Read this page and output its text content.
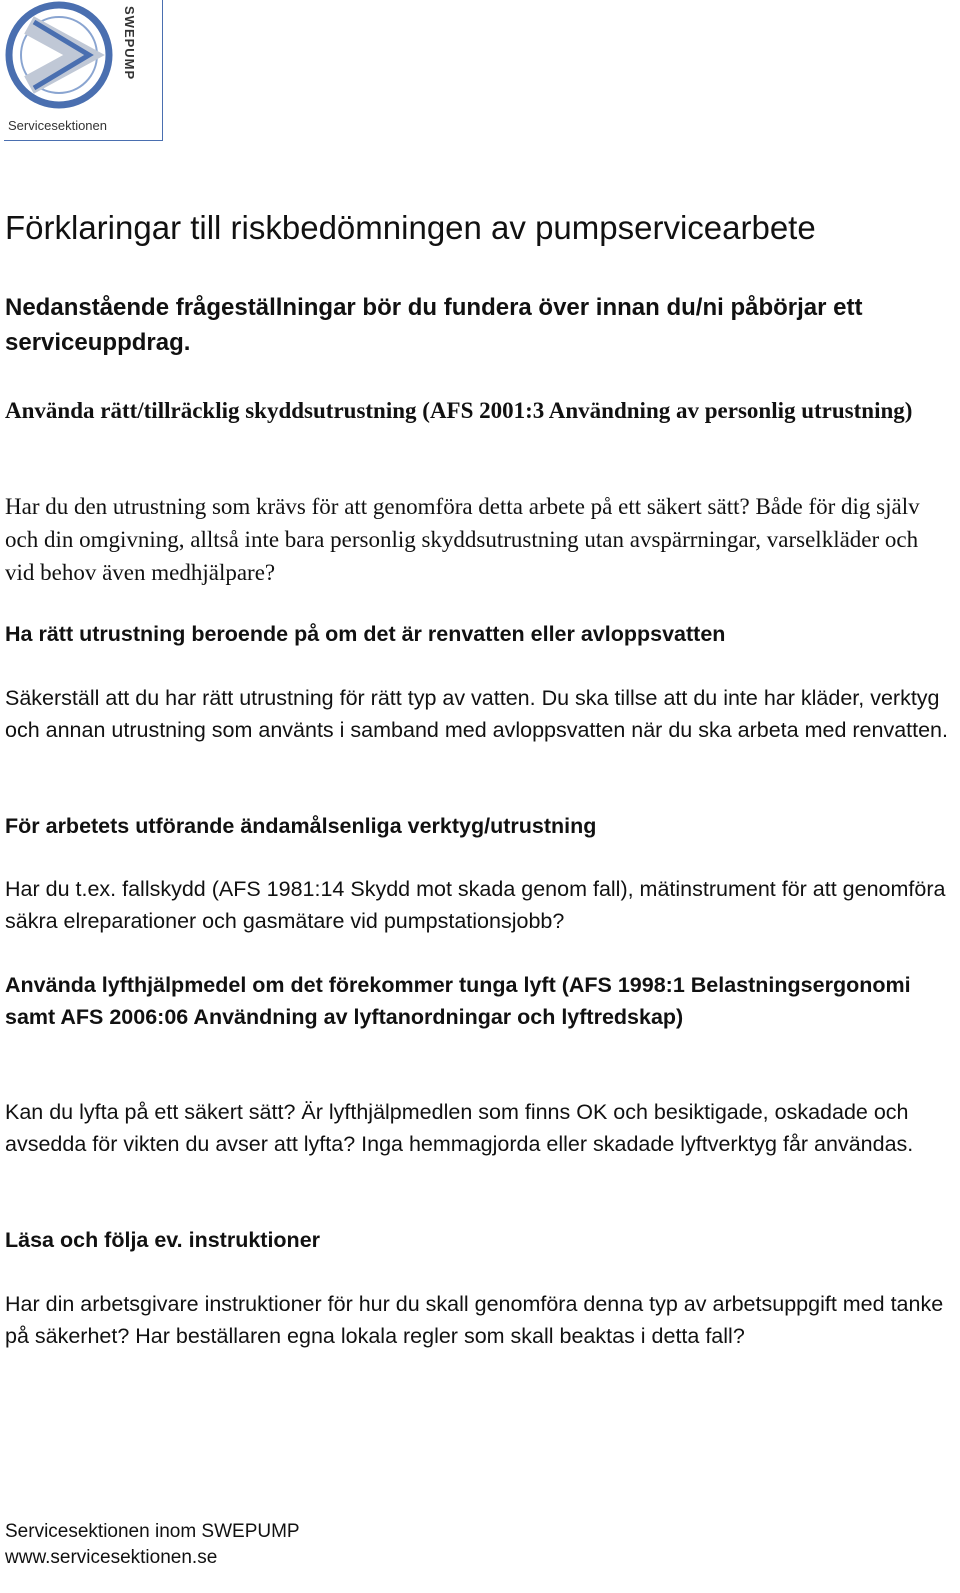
SWEPUMP
Servicesektionen
Förklaringar till riskbedömningen av pumpservicearbete

Nedanstående frågeställningar bör du fundera över innan du/ni påbörjar ett serviceuppdrag.

Använda rätt/tillräcklig skyddsutrustning (AFS 2001:3 Användning av personlig utrustning)

Har du den utrustning som krävs för att genomföra detta arbete på ett säkert sätt? Både för dig själv och din omgivning, alltså inte bara personlig skyddsutrustning utan avspärrningar, varselkläder och vid behov även medhjälpare?

Ha rätt utrustning beroende på om det är renvatten eller avloppsvatten

Säkerställ att du har rätt utrustning för rätt typ av vatten. Du ska tillse att du inte har kläder, verktyg och annan utrustning som använts i samband med avloppsvatten när du ska arbeta med renvatten.

För arbetets utförande ändamålsenliga verktyg/utrustning

Har du t.ex. fallskydd (AFS 1981:14 Skydd mot skada genom fall), mätinstrument för att genomföra säkra elreparationer och gasmätare vid pumpstationsjobb?

Använda lyfthjälpmedel om det förekommer tunga lyft (AFS 1998:1 Belastningsergonomi samt AFS 2006:06 Användning av lyftanordningar och lyftredskap)

Kan du lyfta på ett säkert sätt? Är lyfthjälpmedlen som finns OK och besiktigade, oskadade och avsedda för vikten du avser att lyfta? Inga hemmagjorda eller skadade lyftverktyg får användas.

Läsa och följa ev. instruktioner

Har din arbetsgivare instruktioner för hur du skall genomföra denna typ av arbetsuppgift med tanke på säkerhet? Har beställaren egna lokala regler som skall beaktas i detta fall?

Servicesektionen inom SWEPUMP
www.servicesektionen.se
